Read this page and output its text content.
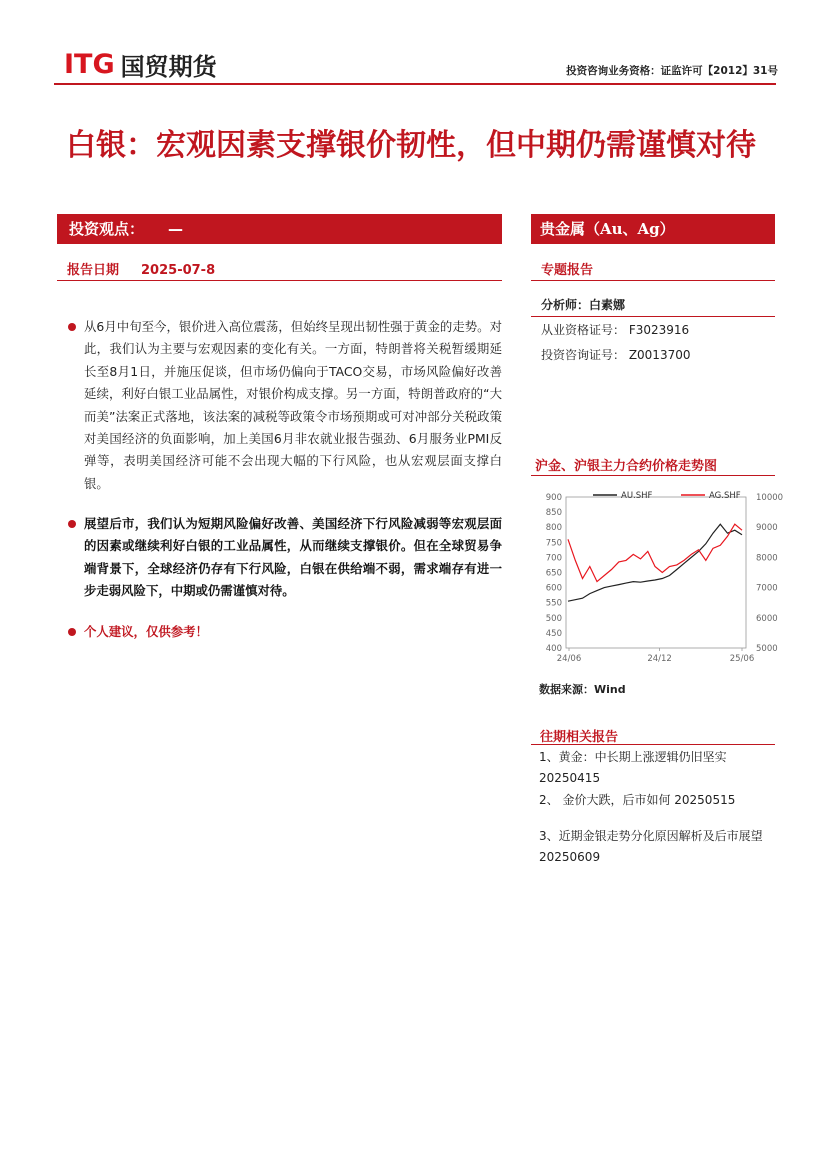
ITG 国贸期货	投资咨询业务资格：证监许可【2012】31号
白银：宏观因素支撑银价韧性，但中期仍需谨慎对待
投资观点： —
报告日期 2025-07-8
从6月中旬至今，银价进入高位震荡，但始终呈现出韧性强于黄金的走势。对此，我们认为主要与宏观因素的变化有关。一方面，特朗普将关税暂缓期延长至8月1日，并施压促谈，但市场仍偏向于TACO交易，市场风险偏好改善延续，利好白银工业品属性，对银价构成支撑。另一方面，特朗普政府的“大而美”法案正式落地，该法案的减税等政策令市场预期或可对冲部分关税政策对美国经济的负面影响，加上美国6月非农就业报告强劲、6月服务业PMI反弹等，表明美国经济可能不会出现大幅的下行风险，也从宏观层面支撑白银。
展望后市，我们认为短期风险偏好改善、美国经济下行风险减弱等宏观层面的因素或继续利好白银的工业品属性，从而继续支撑银价。但在全球贸易争端背景下，全球经济仍存有下行风险，白银在供给端不弱，需求端存有进一步走弱风险下，中期或仍需谨慎对待。
个人建议，仅供参考！
贵金属（Au、Ag）
专题报告
分析师：白素娜
从业资格证号： F3023916
投资咨询证号： Z0013700
沪金、沪银主力合约价格走势图
400
450
500
550
600
650
700
750
800
850
900
5000
6000
7000
8000
9000
10000
24/06	24/12	25/06
AU.SHF	AG.SHF
数据来源：Wind
往期相关报告
1、黄金：中长期上涨逻辑仍旧坚实 20250415
2、 金价大跌，后市如何 20250515
3、近期金银走势分化原因解析及后市展望 20250609
